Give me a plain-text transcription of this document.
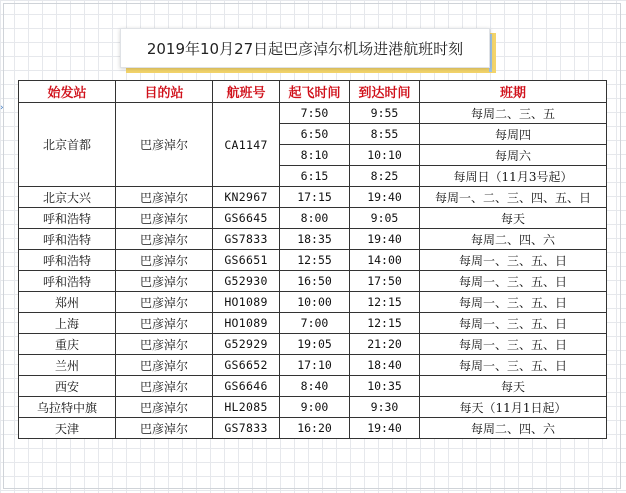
›
2019年10月27日起巴彦淖尔机场进港航班时刻
始发站	目的站	航班号	起飞时间	到达时间	班期
北京首都	巴彦淖尔	CA1147	7:50	9:55	每周二、三、五
			6:50	8:55	每周四
			8:10	10:10	每周六
			6:15	8:25	每周日（11月3号起）
北京大兴	巴彦淖尔	KN2967	17:15	19:40	每周一、二、三、四、五、日
呼和浩特	巴彦淖尔	GS6645	8:00	9:05	每天
呼和浩特	巴彦淖尔	GS7833	18:35	19:40	每周二、四、六
呼和浩特	巴彦淖尔	GS6651	12:55	14:00	每周一、三、五、日
呼和浩特	巴彦淖尔	G52930	16:50	17:50	每周一、三、五、日
郑州	巴彦淖尔	HO1089	10:00	12:15	每周一、三、五、日
上海	巴彦淖尔	HO1089	7:00	12:15	每周一、三、五、日
重庆	巴彦淖尔	G52929	19:05	21:20	每周一、三、五、日
兰州	巴彦淖尔	GS6652	17:10	18:40	每周一、三、五、日
西安	巴彦淖尔	GS6646	8:40	10:35	每天
乌拉特中旗	巴彦淖尔	HL2085	9:00	9:30	每天（11月1日起）
天津	巴彦淖尔	GS7833	16:20	19:40	每周二、四、六
